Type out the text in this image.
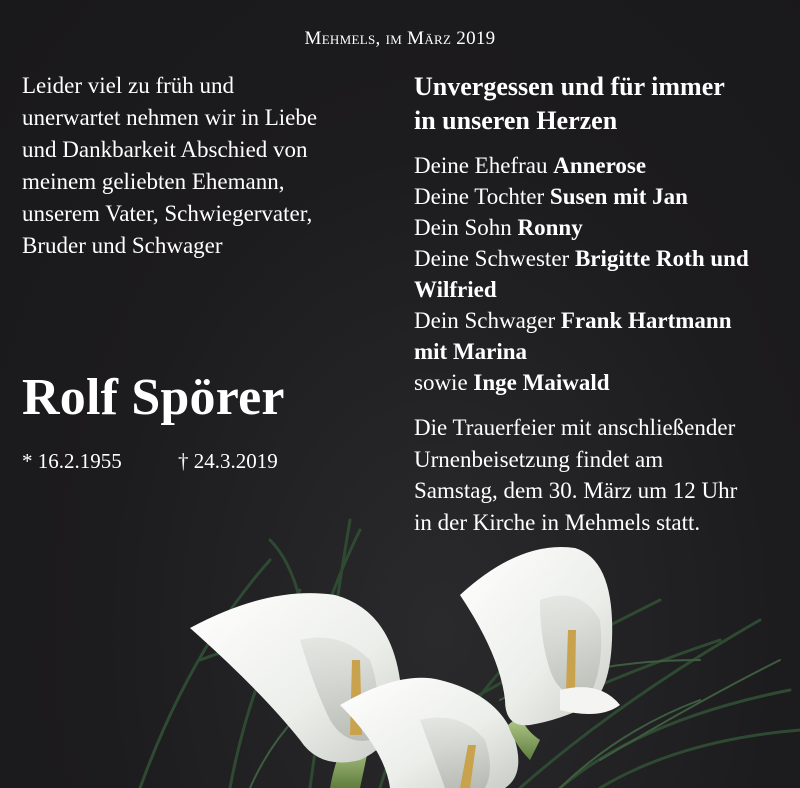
Mehmels, im März 2019
Leider viel zu früh und
unerwartet nehmen wir in Liebe
und Dankbarkeit Abschied von
meinem geliebten Ehemann,
unserem Vater, Schwiegervater,
Bruder und Schwager
Rolf Spörer
* 16.2.1955	† 24.3.2019
Unvergessen und für immer
in unseren Herzen
Deine Ehefrau Annerose
Deine Tochter Susen mit Jan
Dein Sohn Ronny
Deine Schwester Brigitte Roth und
Wilfried
Dein Schwager Frank Hartmann
mit Marina
sowie Inge Maiwald
Die Trauerfeier mit anschließender
Urnenbeisetzung findet am
Samstag, dem 30. März um 12 Uhr
in der Kirche in Mehmels statt.
